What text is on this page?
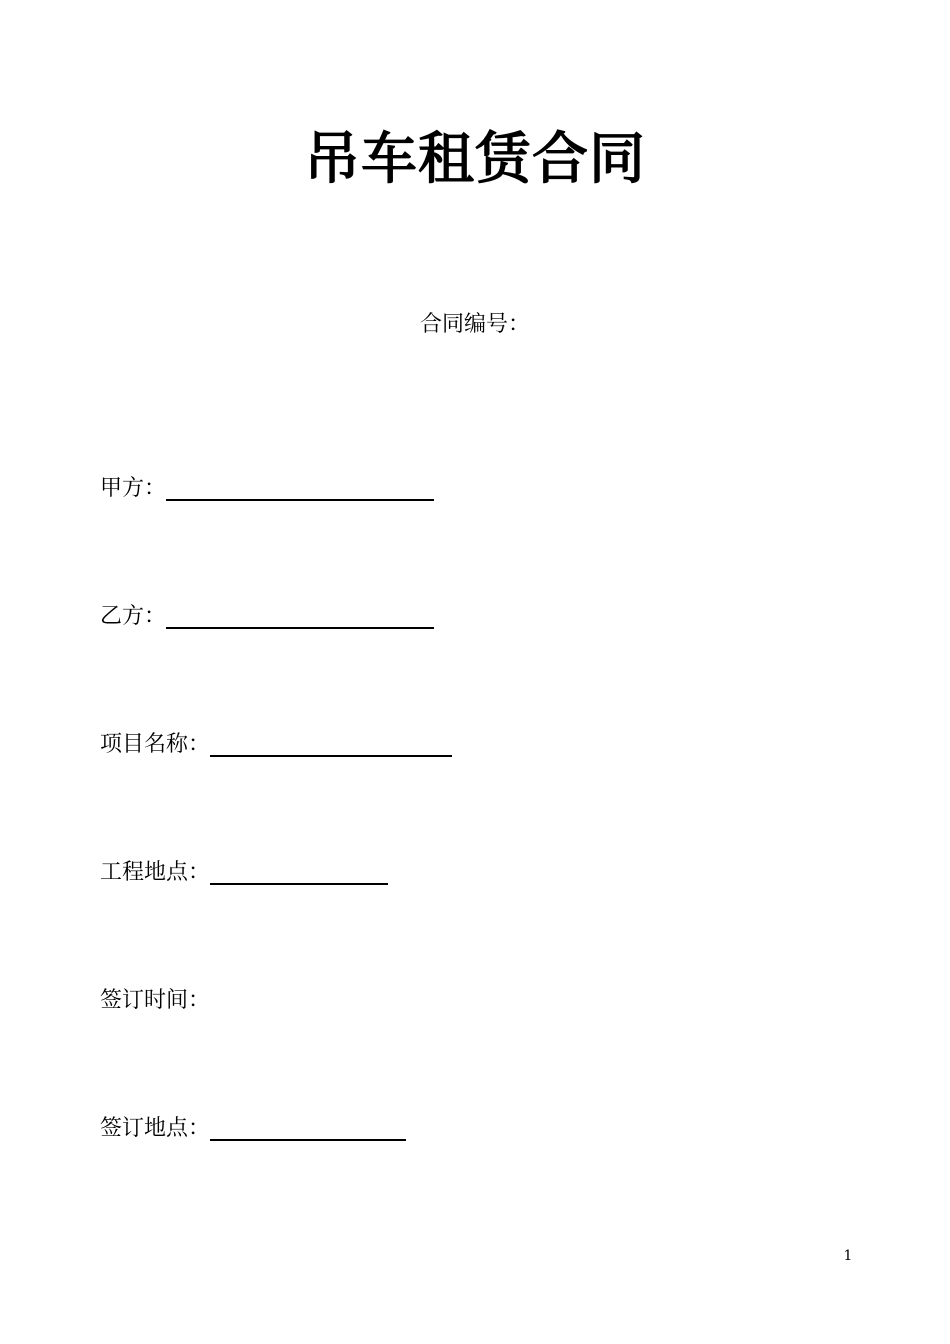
吊车租赁合同
合同编号：
甲方：
乙方：
项目名称：
工程地点：
签订时间：
签订地点：
1
